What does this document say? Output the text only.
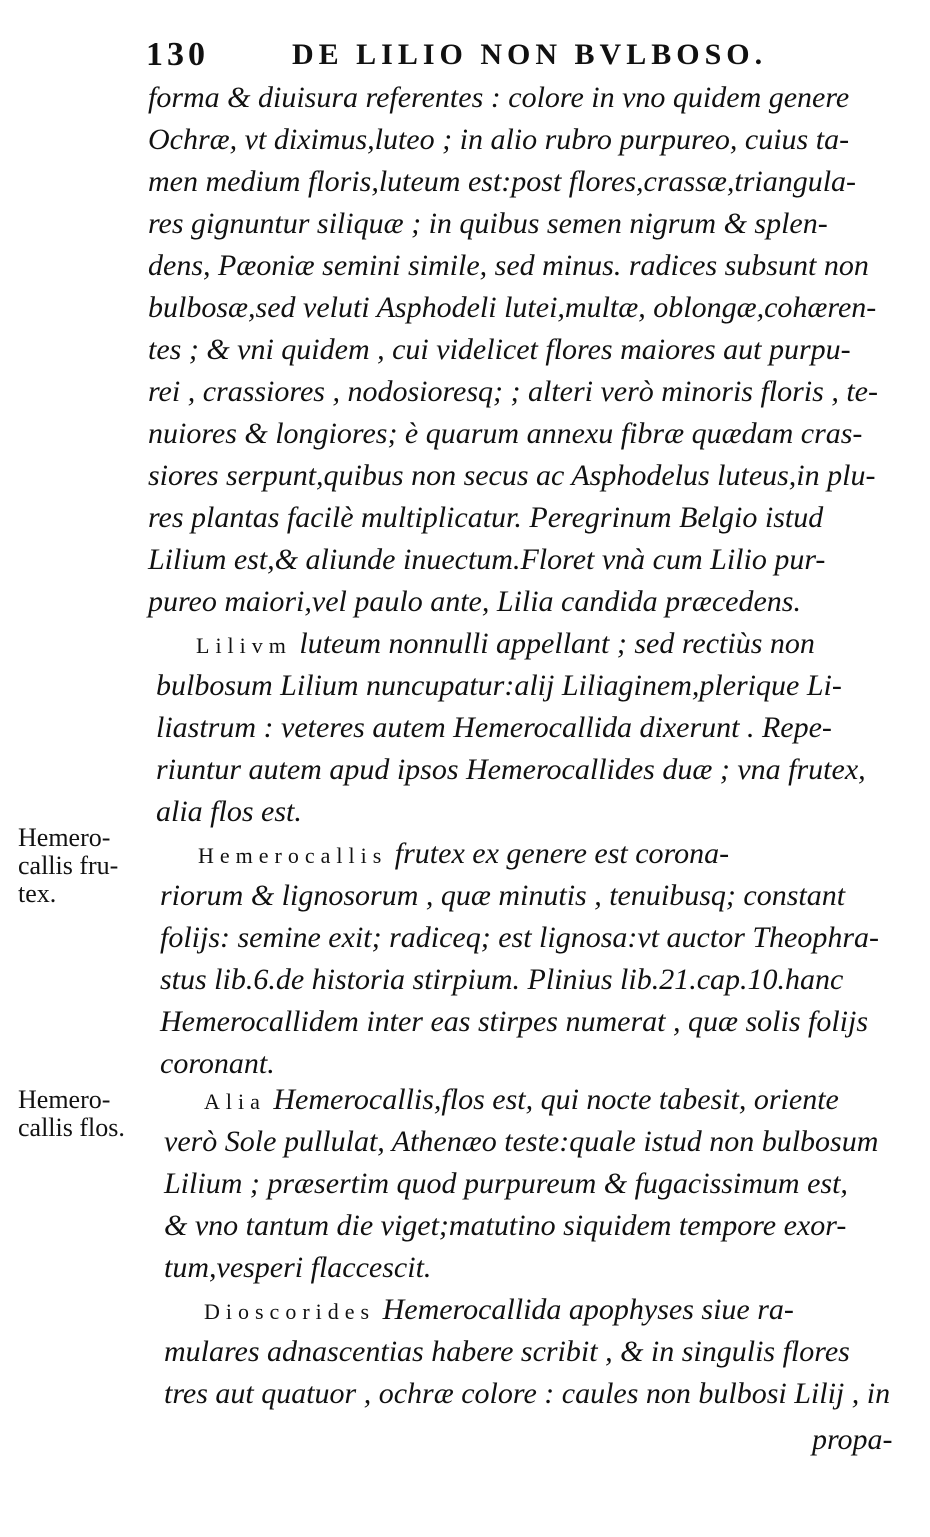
130	DE LILIO NON BVLBOSO.
forma & diuisura referentes : colore in vno quidem genere
Ochræ, vt diximus,luteo ; in alio rubro purpureo, cuius ta-
men medium floris,luteum est:post flores,crassæ,triangula-
res gignuntur siliquæ ; in quibus semen nigrum & splen-
dens, Pæoniæ semini simile, sed minus. radices subsunt non
bulbosæ,sed veluti Asphodeli lutei,multæ, oblongæ,cohæren-
tes ; & vni quidem , cui videlicet flores maiores aut purpu-
rei , crassiores , nodosioresq; ; alteri verò minoris floris , te-
nuiores & longiores; è quarum annexu fibræ quædam cras-
siores serpunt,quibus non secus ac Asphodelus luteus,in plu-
res plantas facilè multiplicatur. Peregrinum Belgio istud
Lilium est,& aliunde inuectum.Floret vnà cum Lilio pur-
pureo maiori,vel paulo ante, Lilia candida præcedens.
Lilivm luteum nonnulli appellant ; sed rectiùs non
bulbosum Lilium nuncupatur:alij Liliaginem,plerique Li-
liastrum : veteres autem Hemerocallida dixerunt . Repe-
riuntur autem apud ipsos Hemerocallides duæ ; vna frutex,
alia flos est.
Hemero-
callis fru-
tex.
Hemerocallis frutex ex genere est corona-
riorum & lignosorum , quæ minutis , tenuibusq; constant
folijs: semine exit; radiceq; est lignosa:vt auctor Theophra-
stus lib.6.de historia stirpium. Plinius lib.21.cap.10.hanc
Hemerocallidem inter eas stirpes numerat , quæ solis folijs
coronant.
Hemero-
callis flos.
Alia Hemerocallis,flos est, qui nocte tabesit, oriente
verò Sole pullulat, Athenæo teste:quale istud non bulbosum
Lilium ; præsertim quod purpureum & fugacissimum est,
& vno tantum die viget;matutino siquidem tempore exor-
tum,vesperi flaccescit.
Dioscorides Hemerocallida apophyses siue ra-
mulares adnascentias habere scribit , & in singulis flores
tres aut quatuor , ochræ colore : caules non bulbosi Lilij , in
propa-
